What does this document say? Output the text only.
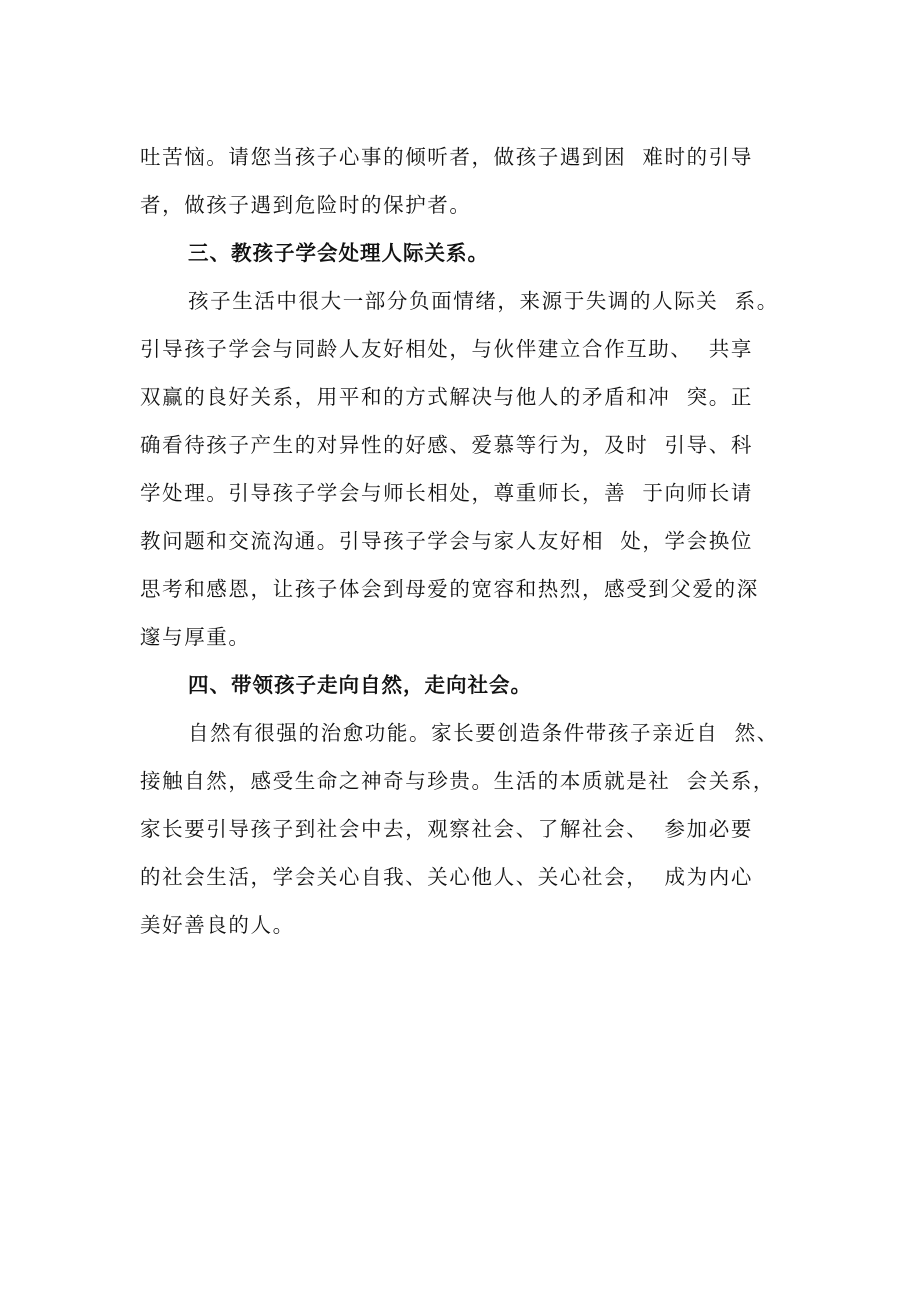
吐苦恼。请您当孩子心事的倾听者，做孩子遇到困  难时的引导
者，做孩子遇到危险时的保护者。
三、教孩子学会处理人际关系。
孩子生活中很大一部分负面情绪，来源于失调的人际关  系。
引导孩子学会与同龄人友好相处，与伙伴建立合作互助、  共享
双赢的良好关系，用平和的方式解决与他人的矛盾和冲  突。正
确看待孩子产生的对异性的好感、爱慕等行为，及时  引导、科
学处理。引导孩子学会与师长相处，尊重师长，善  于向师长请
教问题和交流沟通。引导孩子学会与家人友好相  处，学会换位
思考和感恩，让孩子体会到母爱的宽容和热烈，感受到父爱的深
邃与厚重。
四、带领孩子走向自然，走向社会。
自然有很强的治愈功能。家长要创造条件带孩子亲近自  然、
接触自然，感受生命之神奇与珍贵。生活的本质就是社  会关系，
家长要引导孩子到社会中去，观察社会、了解社会、  参加必要
的社会生活，学会关心自我、关心他人、关心社会，  成为内心
美好善良的人。
